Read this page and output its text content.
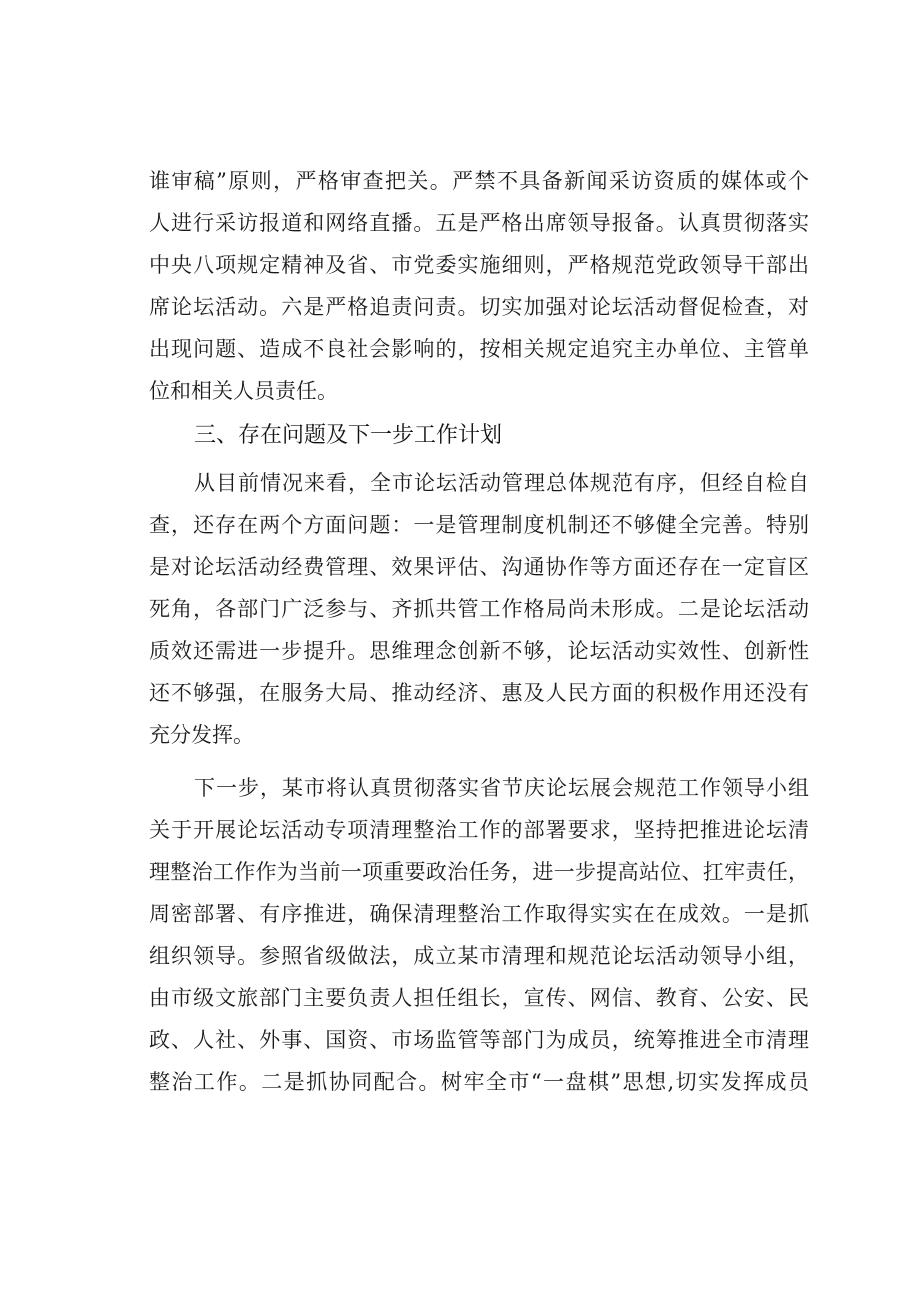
谁审稿”原则，严格审查把关。严禁不具备新闻采访资质的媒体或个
人进行采访报道和网络直播。五是严格出席领导报备。认真贯彻落实
中央八项规定精神及省、市党委实施细则，严格规范党政领导干部出
席论坛活动。六是严格追责问责。切实加强对论坛活动督促检查，对
出现问题、造成不良社会影响的，按相关规定追究主办单位、主管单
位和相关人员责任。
三、存在问题及下一步工作计划
从目前情况来看，全市论坛活动管理总体规范有序，但经自检自
查，还存在两个方面问题：一是管理制度机制还不够健全完善。特别
是对论坛活动经费管理、效果评估、沟通协作等方面还存在一定盲区
死角，各部门广泛参与、齐抓共管工作格局尚未形成。二是论坛活动
质效还需进一步提升。思维理念创新不够，论坛活动实效性、创新性
还不够强，在服务大局、推动经济、惠及人民方面的积极作用还没有
充分发挥。
下一步，某市将认真贯彻落实省节庆论坛展会规范工作领导小组
关于开展论坛活动专项清理整治工作的部署要求，坚持把推进论坛清
理整治工作作为当前一项重要政治任务，进一步提高站位、扛牢责任，
周密部署、有序推进，确保清理整治工作取得实实在在成效。一是抓
组织领导。参照省级做法，成立某市清理和规范论坛活动领导小组，
由市级文旅部门主要负责人担任组长，宣传、网信、教育、公安、民
政、人社、外事、国资、市场监管等部门为成员，统筹推进全市清理
整治工作。二是抓协同配合。树牢全市“一盘棋”思想,切实发挥成员
